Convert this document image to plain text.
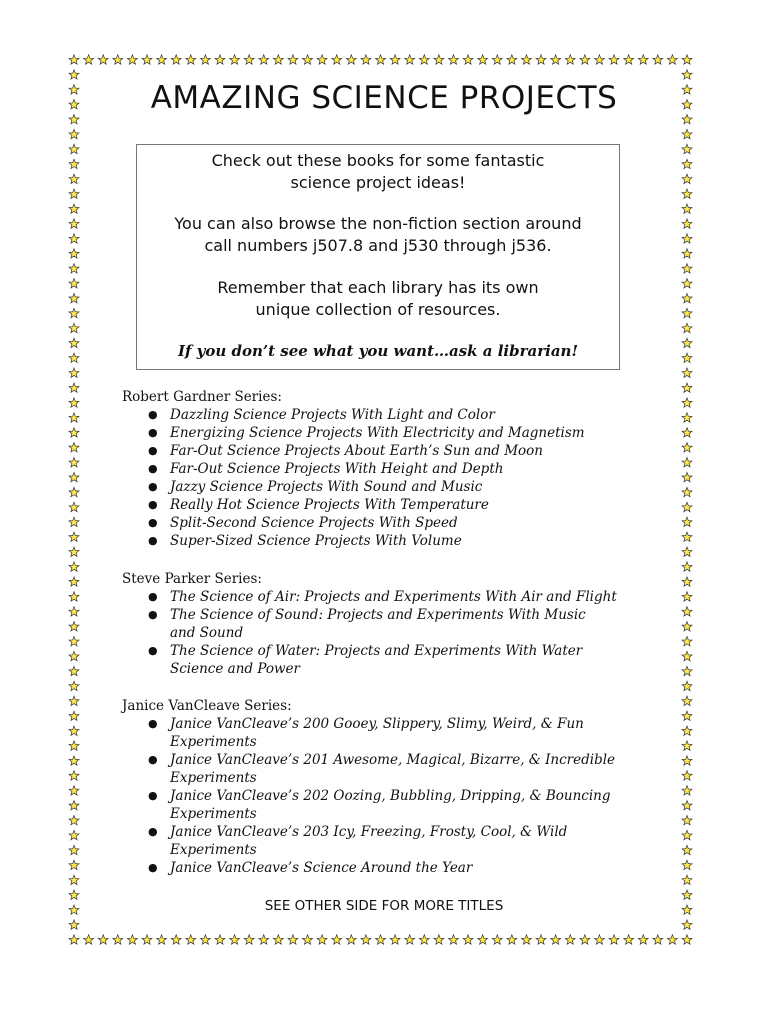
AMAZING SCIENCE PROJECTS
Check out these books for some fantastic
science project ideas!
You can also browse the non-fiction section around
call numbers j507.8 and j530 through j536.
Remember that each library has its own
unique collection of resources.
If you don’t see what you want…ask a librarian!
Robert Gardner Series:
● Dazzling Science Projects With Light and Color
● Energizing Science Projects With Electricity and Magnetism
● Far-Out Science Projects About Earth’s Sun and Moon
● Far-Out Science Projects With Height and Depth
● Jazzy Science Projects With Sound and Music
● Really Hot Science Projects With Temperature
● Split-Second Science Projects With Speed
● Super-Sized Science Projects With Volume
Steve Parker Series:
● The Science of Air: Projects and Experiments With Air and Flight
● The Science of Sound: Projects and Experiments With Music
and Sound
● The Science of Water: Projects and Experiments With Water
Science and Power
Janice VanCleave Series:
● Janice VanCleave’s 200 Gooey, Slippery, Slimy, Weird, & Fun
Experiments
● Janice VanCleave’s 201 Awesome, Magical, Bizarre, & Incredible
Experiments
● Janice VanCleave’s 202 Oozing, Bubbling, Dripping, & Bouncing
Experiments
● Janice VanCleave’s 203 Icy, Freezing, Frosty, Cool, & Wild
Experiments
● Janice VanCleave’s Science Around the Year
SEE OTHER SIDE FOR MORE TITLES
